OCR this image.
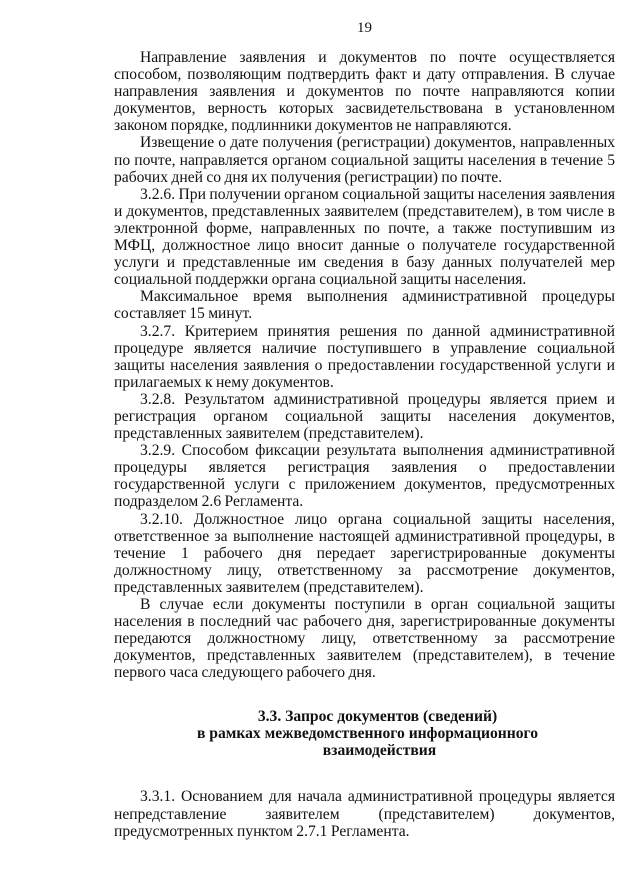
19

Направление заявления и документов по почте осуществляется способом, позволяющим подтвердить факт и дату отправления. В случае направления заявления и документов по почте направляются копии документов, верность которых засвидетельствована в установленном законом порядке, подлинники документов не направляются.

Извещение о дате получения (регистрации) документов, направленных по почте, направляется органом социальной защиты населения в течение 5 рабочих дней со дня их получения (регистрации) по почте.

3.2.6. При получении органом социальной защиты населения заявления и документов, представленных заявителем (представителем), в том числе в электронной форме, направленных по почте, а также поступившим из МФЦ, должностное лицо вносит данные о получателе государственной услуги и представленные им сведения в базу данных получателей мер социальной поддержки органа социальной защиты населения.

Максимальное время выполнения административной процедуры составляет 15 минут.

3.2.7. Критерием принятия решения по данной административной процедуре является наличие поступившего в управление социальной защиты населения заявления о предоставлении государственной услуги и прилагаемых к нему документов.

3.2.8. Результатом административной процедуры является прием и регистрация органом социальной защиты населения документов, представленных заявителем (представителем).

3.2.9. Способом фиксации результата выполнения административной процедуры является регистрация заявления о предоставлении государственной услуги с приложением документов, предусмотренных подразделом 2.6 Регламента.

3.2.10. Должностное лицо органа социальной защиты населения, ответственное за выполнение настоящей административной процедуры, в течение 1 рабочего дня передает зарегистрированные документы должностному лицу, ответственному за рассмотрение документов, представленных заявителем (представителем).

В случае если документы поступили в орган социальной защиты населения в последний час рабочего дня, зарегистрированные документы передаются должностному лицу, ответственному за рассмотрение документов, представленных заявителем (представителем), в течение первого часа следующего рабочего дня.

3.3. Запрос документов (сведений)

в рамках межведомственного информационного

взаимодействия

3.3.1. Основанием для начала административной процедуры является непредставление заявителем (представителем) документов, предусмотренных пунктом 2.7.1 Регламента.
